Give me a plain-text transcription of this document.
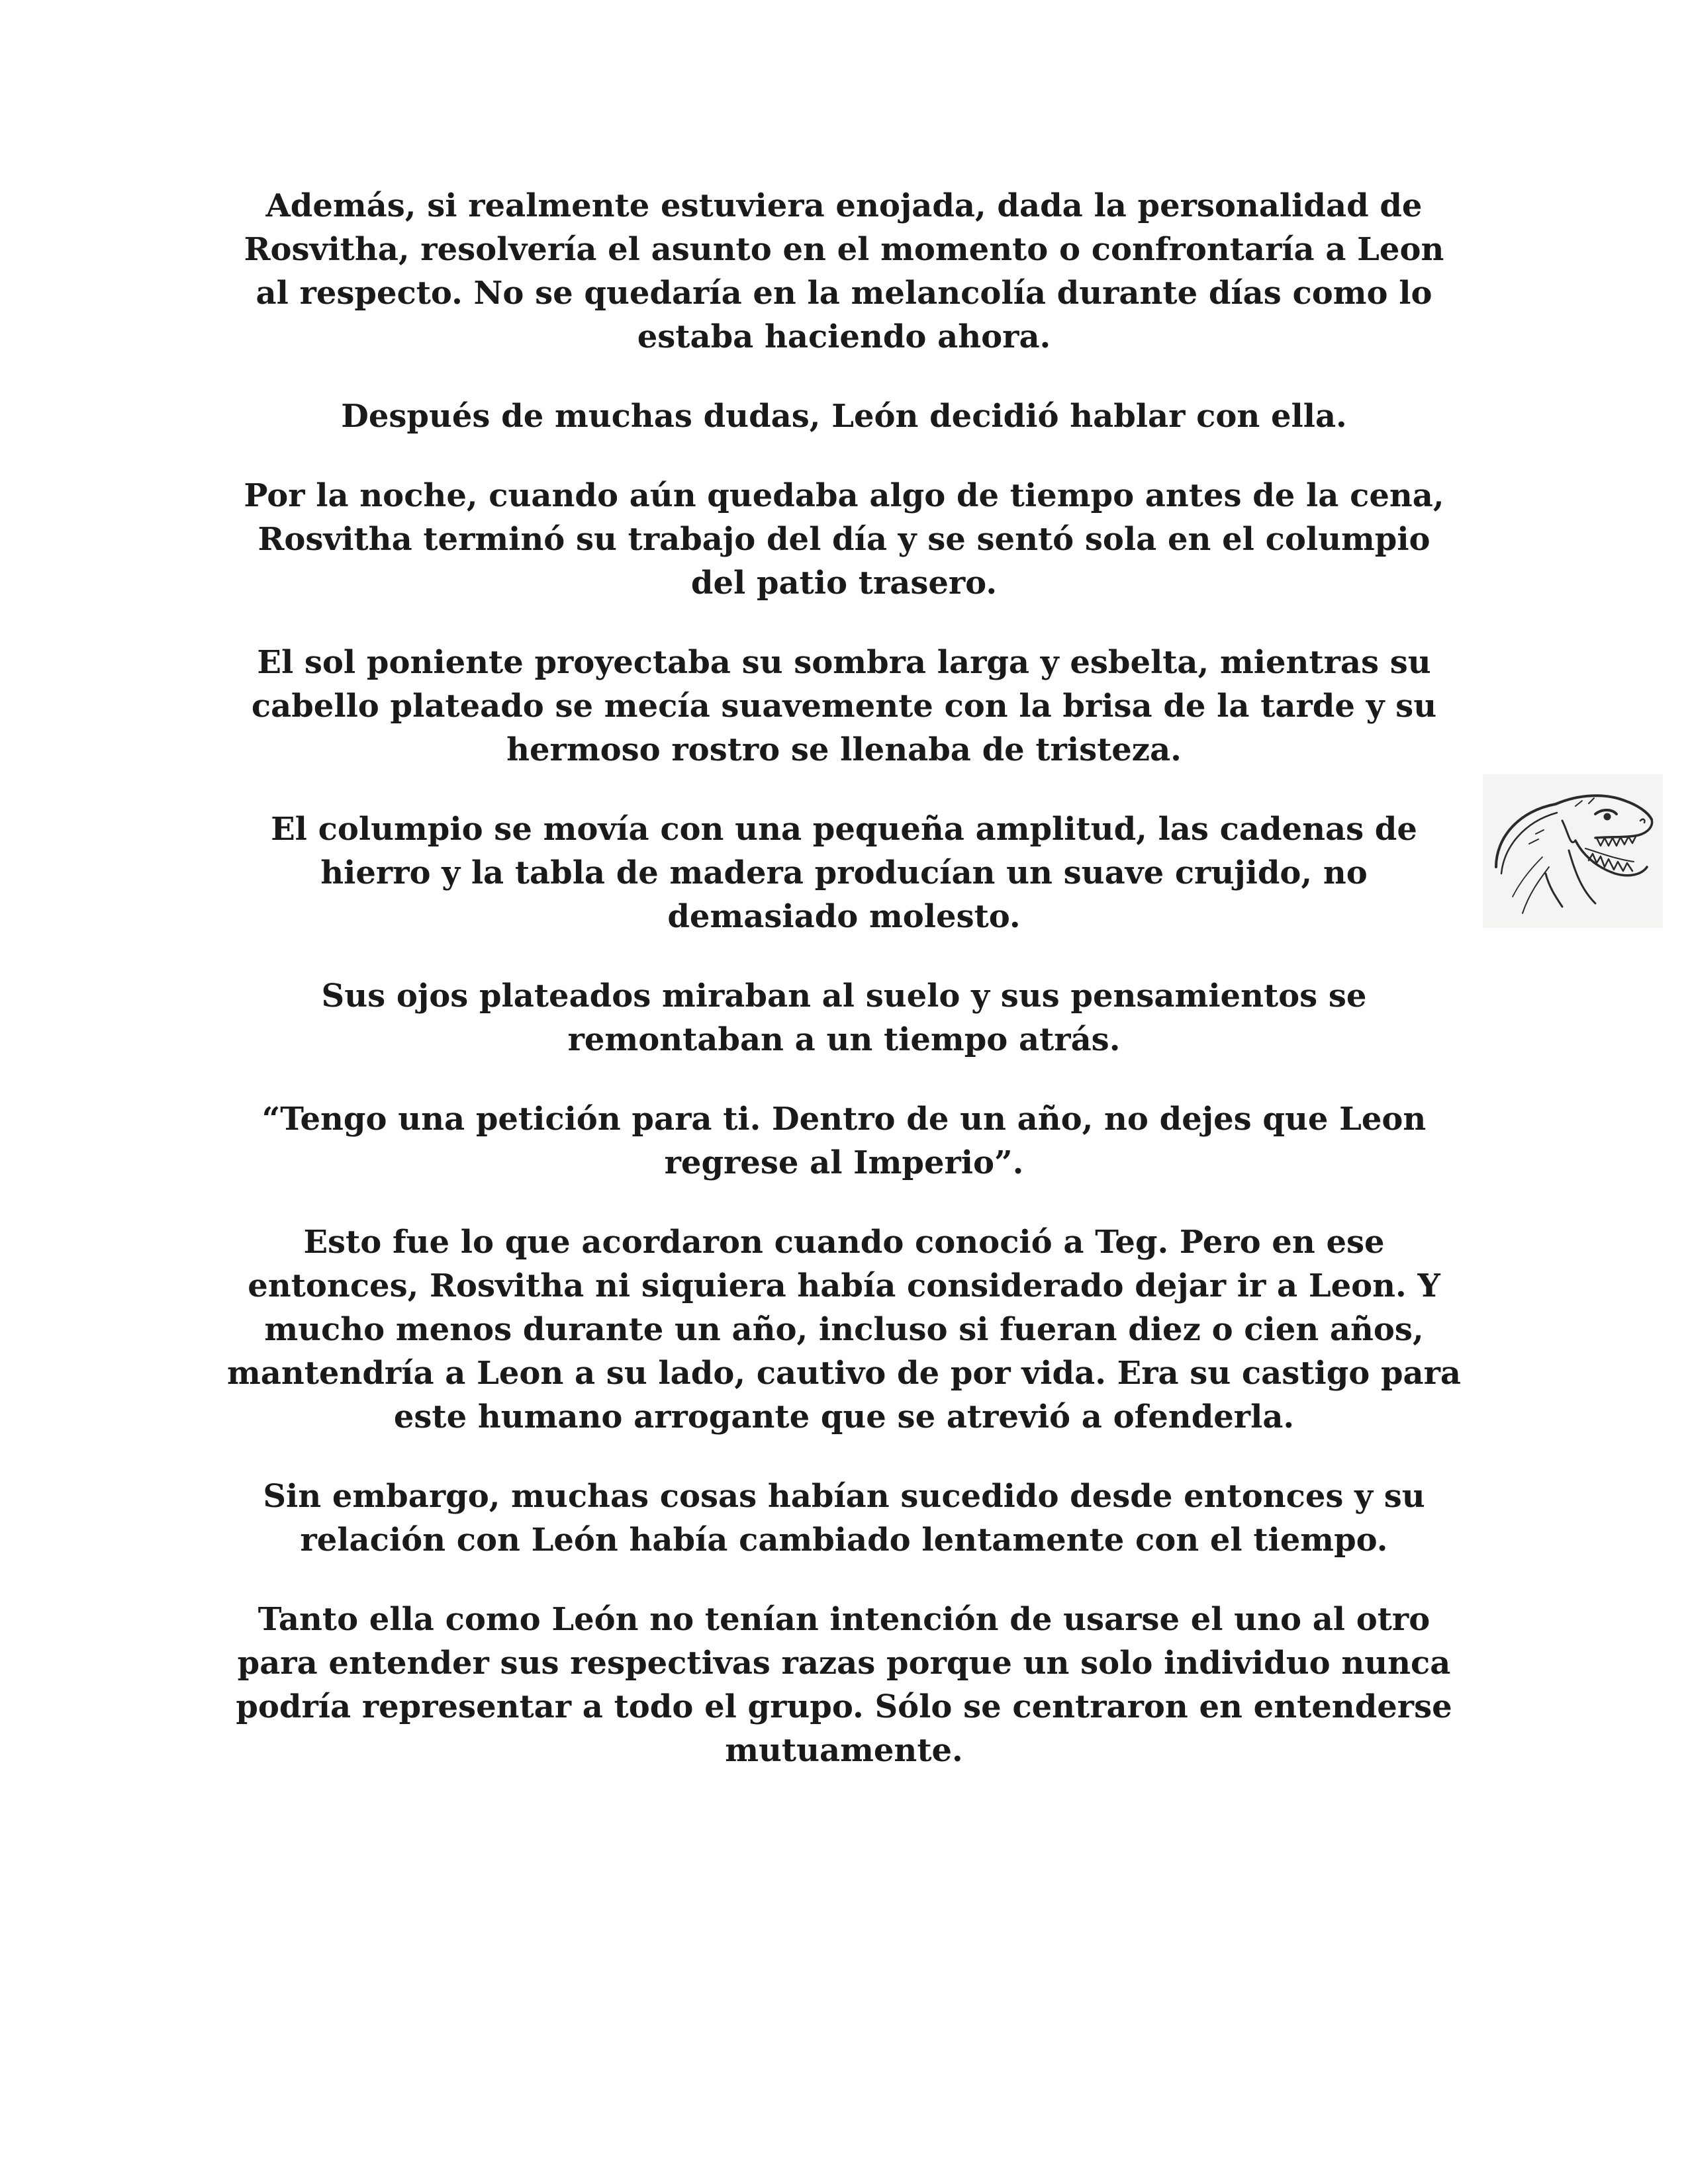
Además, si realmente estuviera enojada, dada la personalidad de Rosvitha, resolvería el asunto en el momento o confrontaría a Leon al respecto. No se quedaría en la melancolía durante días como lo estaba haciendo ahora.

Después de muchas dudas, León decidió hablar con ella.

Por la noche, cuando aún quedaba algo de tiempo antes de la cena, Rosvitha terminó su trabajo del día y se sentó sola en el columpio del patio trasero.

El sol poniente proyectaba su sombra larga y esbelta, mientras su cabello plateado se mecía suavemente con la brisa de la tarde y su hermoso rostro se llenaba de tristeza.

El columpio se movía con una pequeña amplitud, las cadenas de hierro y la tabla de madera producían un suave crujido, no demasiado molesto.

Sus ojos plateados miraban al suelo y sus pensamientos se remontaban a un tiempo atrás.

“Tengo una petición para ti. Dentro de un año, no dejes que Leon regrese al Imperio”.

Esto fue lo que acordaron cuando conoció a Teg. Pero en ese entonces, Rosvitha ni siquiera había considerado dejar ir a Leon. Y mucho menos durante un año, incluso si fueran diez o cien años, mantendría a Leon a su lado, cautivo de por vida. Era su castigo para este humano arrogante que se atrevió a ofenderla.

Sin embargo, muchas cosas habían sucedido desde entonces y su relación con León había cambiado lentamente con el tiempo.

Tanto ella como León no tenían intención de usarse el uno al otro para entender sus respectivas razas porque un solo individuo nunca podría representar a todo el grupo. Sólo se centraron en entenderse mutuamente.
